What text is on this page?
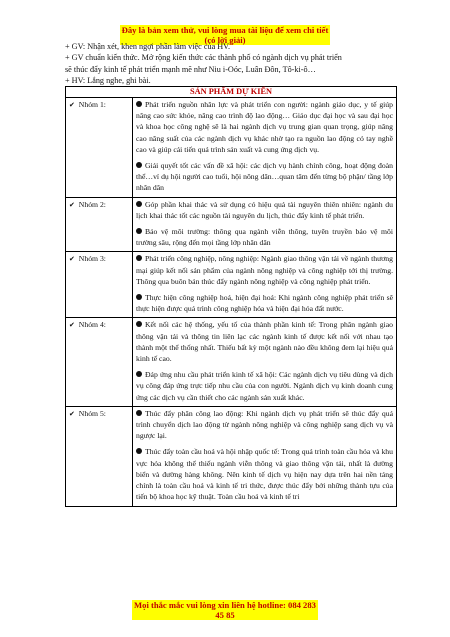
Đây là bản xem thử, vui lòng mua tài liệu để xem chi tiết (có lời giải)
+ GV: Nhận xét, khen ngợi phần làm việc của HV.
+ GV chuẩn kiến thức. Mở rộng kiến thức các thành phố có ngành dịch vụ phát triển
sẽ thúc đẩy kinh tế phát triển mạnh mẽ như Niu i-Oóc, Luân Đôn, Tô-ki-ô…
+ HV: Lắng nghe, ghi bài.
SẢN PHẨM DỰ KIẾN	
✔ Nhóm 1:	Phát triển nguồn nhân lực và phát triển con người: ngành giáo dục, y tế giúp nâng cao sức khỏe, nâng cao trình độ lao động… Giáo dục đại học và sau đại học và khoa học công nghệ sẽ là hai ngành dịch vụ trung gian quan trọng, giúp nâng cao năng suất của các ngành dịch vụ khác nhờ tạo ra nguồn lao động có tay nghề cao và giúp cải tiến quá trình sản xuất và cung ứng dịch vụ.

Giải quyết tốt các vấn đề xã hội: các dịch vụ hành chính công, hoạt động đoàn thể…ví dụ hội người cao tuổi, hội nông dân…quan tâm đến từng bộ phận/ tầng lớp nhân dân

✔ Nhóm 2:	Góp phần khai thác và sử dụng có hiệu quả tài nguyên thiên nhiên: ngành du lịch khai thác tốt các nguồn tài nguyên du lịch, thúc đẩy kinh tế phát triển.

Bảo vệ môi trường: thông qua ngành viễn thông, tuyên truyền bảo vệ môi trường sâu, rộng đến mọi tầng lớp nhân dân

✔ Nhóm 3:	Phát triển công nghiệp, nông nghiệp: Ngành giao thông vận tải về ngành thương mại giúp kết nối sản phẩm của ngành nông nghiệp và công nghiệp tới thị trường. Thông qua buôn bán thúc đẩy ngành nông nghiệp và công nghiệp phát triển.

Thực hiện công nghiệp hoá, hiện đại hoá: Khi ngành công nghiệp phát triển sẽ thực hiện được quá trình công nghiệp hóa và hiện đại hóa đất nước.

✔ Nhóm 4:	Kết nối các hệ thống, yếu tố của thành phần kinh tế: Trong phân ngành giao thông vận tải và thông tin liên lạc các ngành kinh tế được kết nối với nhau tạo thành một thể thống nhất. Thiếu bất kỳ một ngành nào đều không đem lại hiệu quả kinh tế cao.

Đáp ứng nhu cầu phát triển kinh tế xã hội: Các ngành dịch vụ tiêu dùng và dịch vụ công đáp ứng trực tiếp nhu cầu của con người. Ngành dịch vụ kinh doanh cung ứng các dịch vụ cần thiết cho các ngành sản xuất khác.

✔ Nhóm 5:	Thúc đẩy phân công lao động: Khi ngành dịch vụ phát triển sẽ thúc đẩy quá trình chuyển dịch lao động từ ngành nông nghiệp và công nghiệp sang dịch vụ và ngược lại.

Thúc đẩy toàn cầu hoá và hội nhập quốc tế: Trong quá trình toàn cầu hóa và khu vực hóa không thể thiếu ngành viễn thông và giao thông vận tải, nhất là đường biển và đường hàng không. Nên kinh tế dịch vụ hiện nay dựa trên hai nền tảng chính là toàn cầu hoá và kinh tế tri thức, được thúc đẩy bởi những thành tựu của tiến bộ khoa học kỹ thuật. Toàn cầu hoá và kinh tế tri

Mọi thắc mắc vui lòng xin liên hệ hotline: 084 283 45 85
